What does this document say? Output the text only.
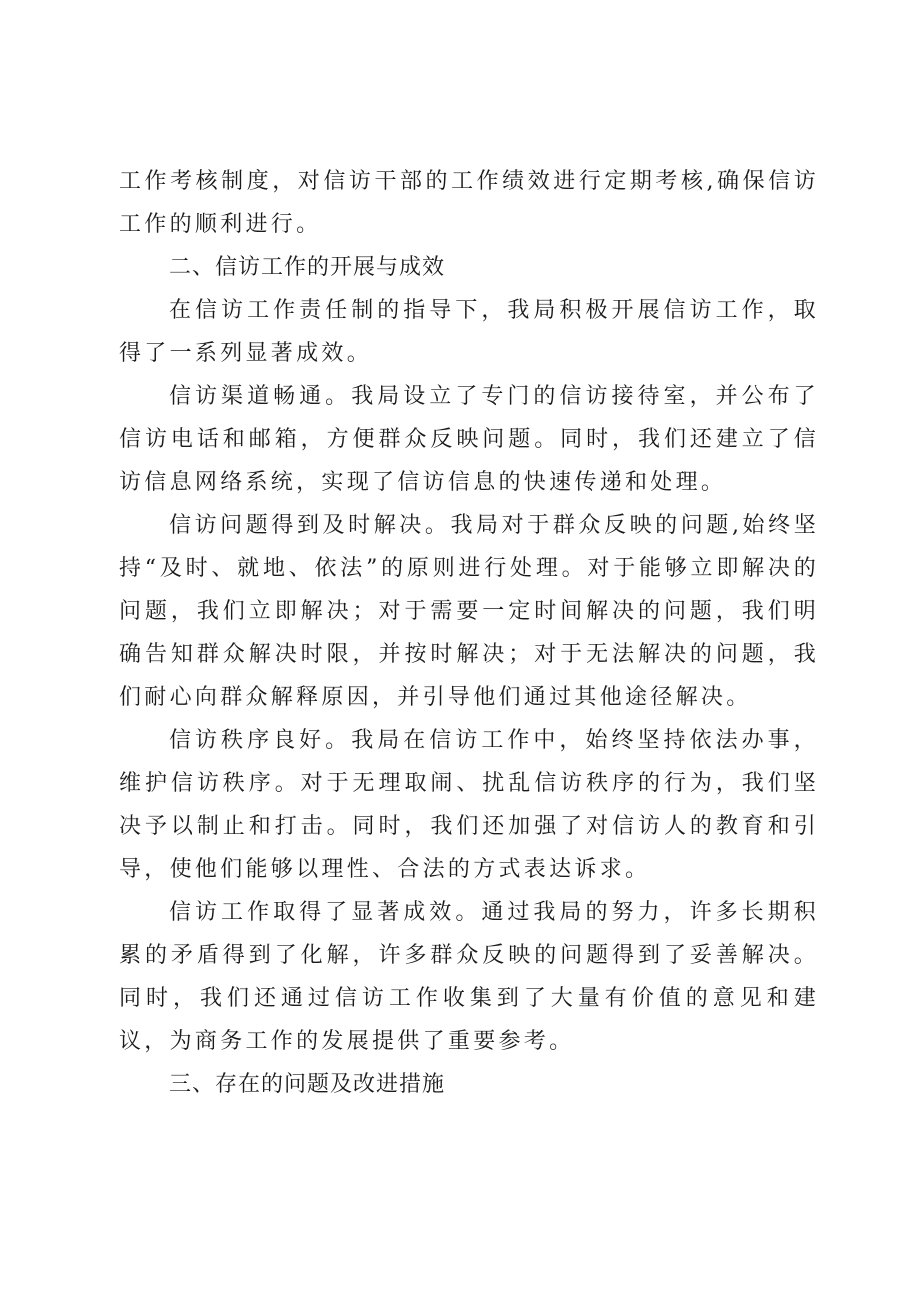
工作考核制度，对信访干部的工作绩效进行定期考核,确保信访工作的顺利进行。

二、信访工作的开展与成效

在信访工作责任制的指导下，我局积极开展信访工作，取得了一系列显著成效。

信访渠道畅通。我局设立了专门的信访接待室，并公布了信访电话和邮箱，方便群众反映问题。同时，我们还建立了信访信息网络系统，实现了信访信息的快速传递和处理。

信访问题得到及时解决。我局对于群众反映的问题,始终坚持“及时、就地、依法”的原则进行处理。对于能够立即解决的问题，我们立即解决；对于需要一定时间解决的问题，我们明确告知群众解决时限，并按时解决；对于无法解决的问题，我们耐心向群众解释原因，并引导他们通过其他途径解决。

信访秩序良好。我局在信访工作中，始终坚持依法办事，维护信访秩序。对于无理取闹、扰乱信访秩序的行为，我们坚决予以制止和打击。同时，我们还加强了对信访人的教育和引导，使他们能够以理性、合法的方式表达诉求。

信访工作取得了显著成效。通过我局的努力，许多长期积累的矛盾得到了化解，许多群众反映的问题得到了妥善解决。同时，我们还通过信访工作收集到了大量有价值的意见和建议，为商务工作的发展提供了重要参考。

三、存在的问题及改进措施
